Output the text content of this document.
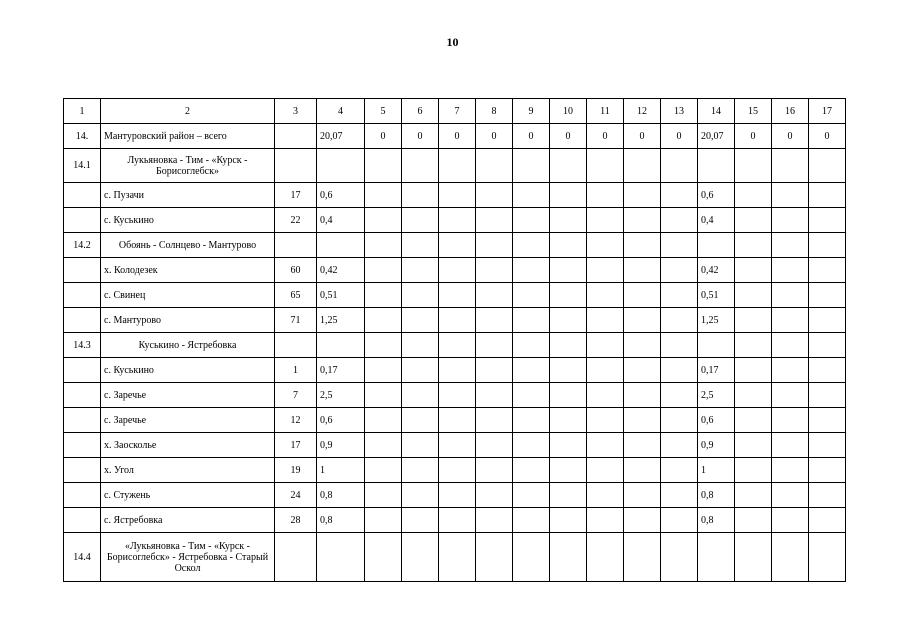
10
1	2	3	4	5	6	7	8	9	10	11	12	13	14	15	16	17
14.	Мантуровский район – всего		20,07	0	0	0	0	0	0	0	0	0	20,07	0	0	0
14.1	Лукьяновка - Тим - «Курск - Борисоглебск»															
	с. Пузачи	17	0,6										0,6			
	с. Куськино	22	0,4										0,4			
14.2	Обоянь - Солнцево - Мантурово															
	х. Колодезек	60	0,42										0,42			
	с. Свинец	65	0,51										0,51			
	с. Мантурово	71	1,25										1,25			
14.3	Куськино - Ястребовка															
	с. Куськино	1	0,17										0,17			
	с. Заречье	7	2,5										2,5			
	с. Заречье	12	0,6										0,6			
	х. Заосколье	17	0,9										0,9			
	х. Угол	19	1										1			
	с. Стужень	24	0,8										0,8			
	с. Ястребовка	28	0,8										0,8			
14.4	«Лукьяновка - Тим - «Курск - Борисоглебск» - Ястребовка - Старый Оскол															
